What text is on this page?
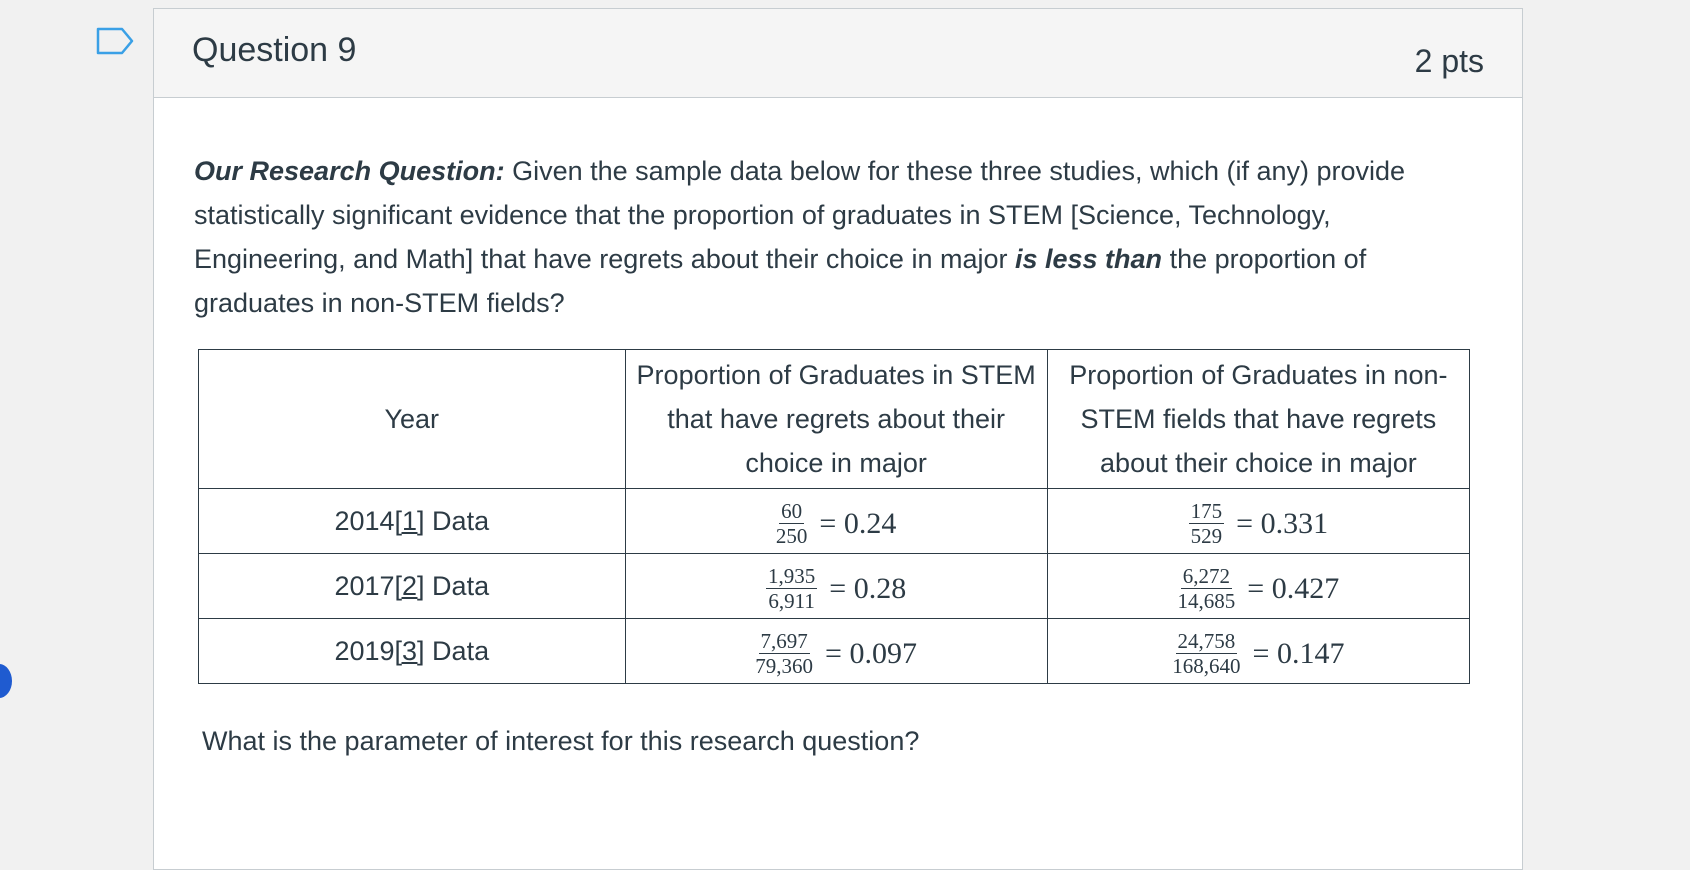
Question 9	2 pts

Our Research Question: Given the sample data below for these three studies, which (if any) provide statistically significant evidence that the proportion of graduates in STEM [Science, Technology, Engineering, and Math] that have regrets about their choice in major is less than the proportion of graduates in non-STEM fields?

Year	Proportion of Graduates in STEM that have regrets about their choice in major	Proportion of Graduates in non-STEM fields that have regrets about their choice in major
2014[1] Data	$\frac{60}{250} = 0.24$	$\frac{175}{529} = 0.331$

2017[2] Data	$\frac{1,935}{6,911} = 0.28$	$\frac{6,272}{14,685} = 0.427$

2019[3] Data	$\frac{7,697}{79,360} = 0.097$	$\frac{24,758}{168,640} = 0.147$

What is the parameter of interest for this research question?
